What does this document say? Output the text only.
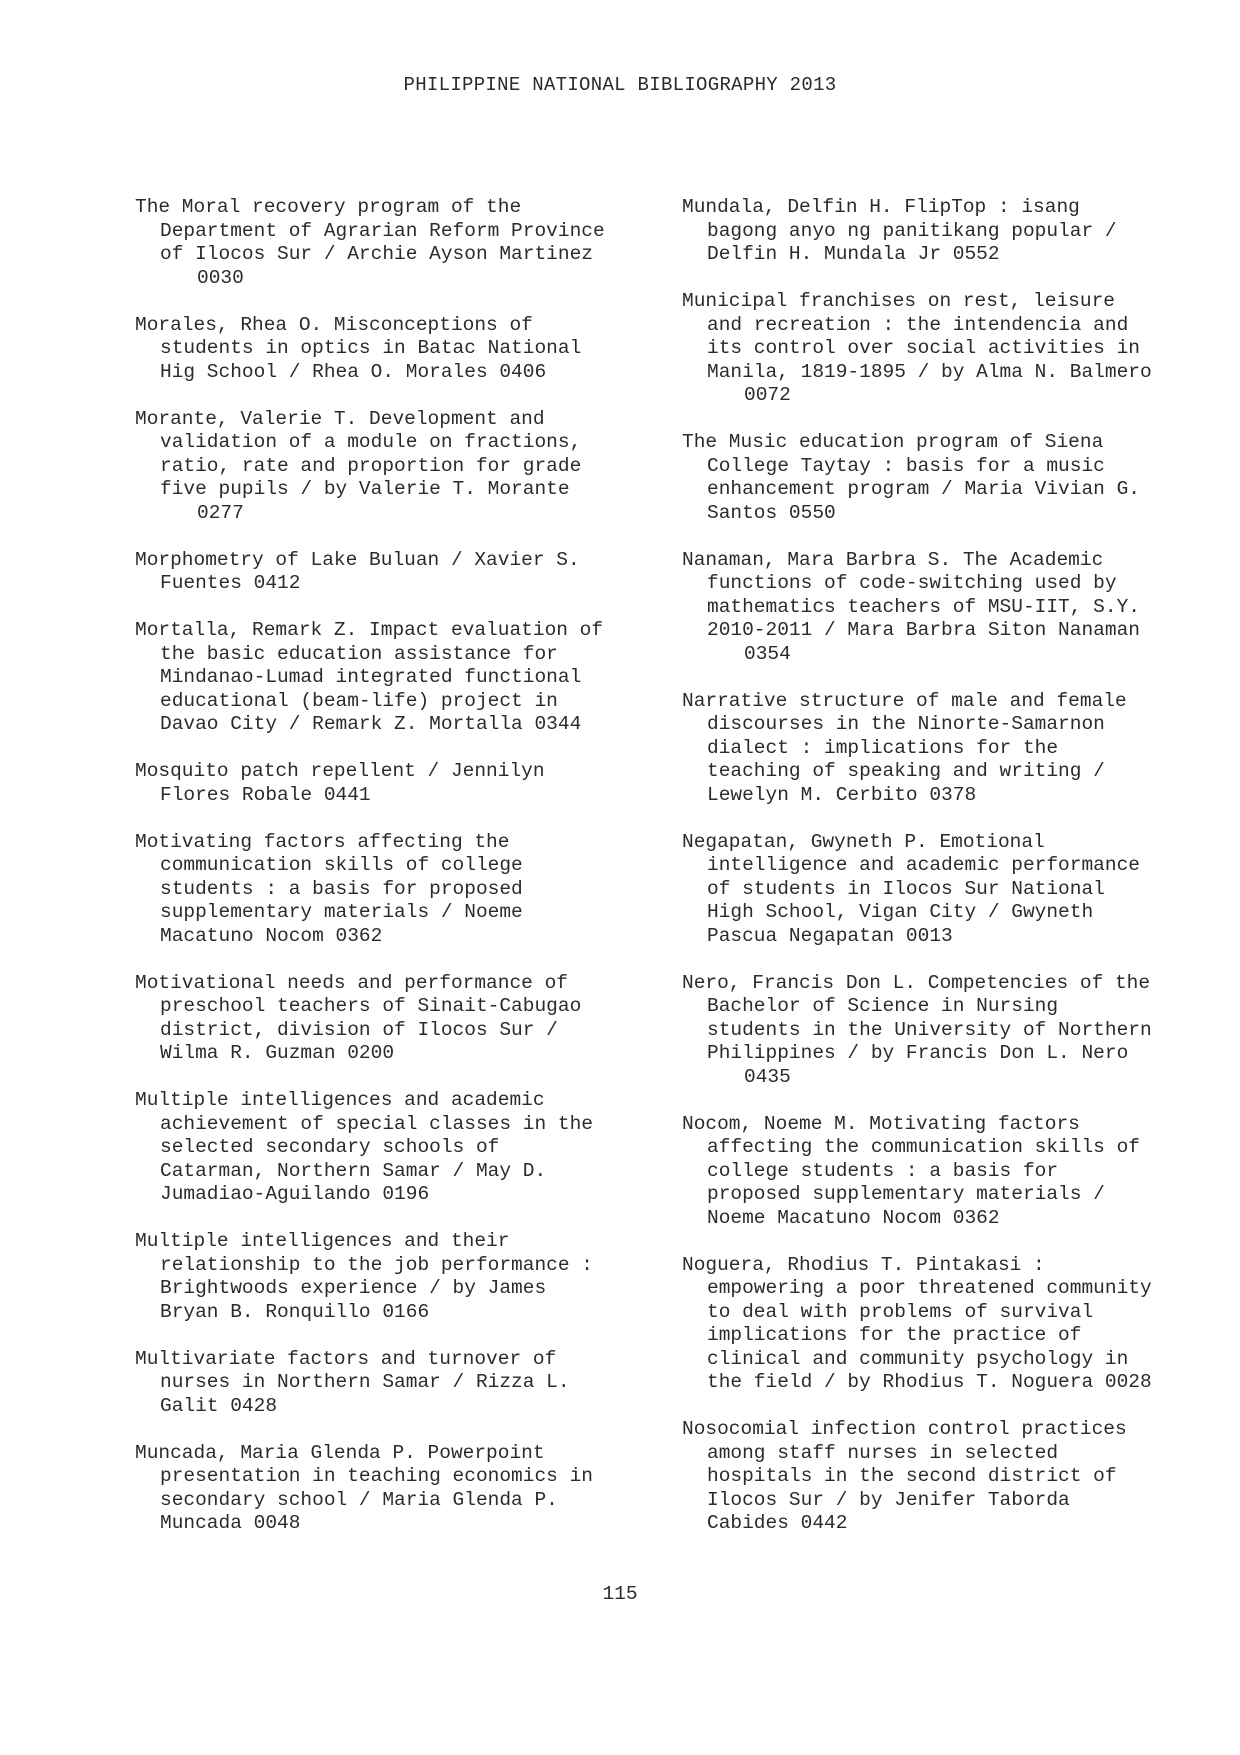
PHILIPPINE NATIONAL BIBLIOGRAPHY 2013
The Moral recovery program of the
Department of Agrarian Reform Province
of Ilocos Sur / Archie Ayson Martinez
0030
Morales, Rhea O. Misconceptions of
students in optics in Batac National
Hig School / Rhea O. Morales 0406
Morante, Valerie T. Development and
validation of a module on fractions,
ratio, rate and proportion for grade
five pupils / by Valerie T. Morante
0277
Morphometry of Lake Buluan / Xavier S.
Fuentes 0412
Mortalla, Remark Z. Impact evaluation of
the basic education assistance for
Mindanao-Lumad integrated functional
educational (beam-life) project in
Davao City / Remark Z. Mortalla 0344
Mosquito patch repellent / Jennilyn
Flores Robale 0441
Motivating factors affecting the
communication skills of college
students : a basis for proposed
supplementary materials / Noeme
Macatuno Nocom 0362
Motivational needs and performance of
preschool teachers of Sinait-Cabugao
district, division of Ilocos Sur /
Wilma R. Guzman 0200
Multiple intelligences and academic
achievement of special classes in the
selected secondary schools of
Catarman, Northern Samar / May D.
Jumadiao-Aguilando 0196
Multiple intelligences and their
relationship to the job performance :
Brightwoods experience / by James
Bryan B. Ronquillo 0166
Multivariate factors and turnover of
nurses in Northern Samar / Rizza L.
Galit 0428
Muncada, Maria Glenda P. Powerpoint
presentation in teaching economics in
secondary school / Maria Glenda P.
Muncada 0048
Mundala, Delfin H. FlipTop : isang
bagong anyo ng panitikang popular /
Delfin H. Mundala Jr 0552
Municipal franchises on rest, leisure
and recreation : the intendencia and
its control over social activities in
Manila, 1819-1895 / by Alma N. Balmero
0072
The Music education program of Siena
College Taytay : basis for a music
enhancement program / Maria Vivian G.
Santos 0550
Nanaman, Mara Barbra S. The Academic
functions of code-switching used by
mathematics teachers of MSU-IIT, S.Y.
2010-2011 / Mara Barbra Siton Nanaman
0354
Narrative structure of male and female
discourses in the Ninorte-Samarnon
dialect : implications for the
teaching of speaking and writing /
Lewelyn M. Cerbito 0378
Negapatan, Gwyneth P. Emotional
intelligence and academic performance
of students in Ilocos Sur National
High School, Vigan City / Gwyneth
Pascua Negapatan 0013
Nero, Francis Don L. Competencies of the
Bachelor of Science in Nursing
students in the University of Northern
Philippines / by Francis Don L. Nero
0435
Nocom, Noeme M. Motivating factors
affecting the communication skills of
college students : a basis for
proposed supplementary materials /
Noeme Macatuno Nocom 0362
Noguera, Rhodius T. Pintakasi :
empowering a poor threatened community
to deal with problems of survival
implications for the practice of
clinical and community psychology in
the field / by Rhodius T. Noguera 0028
Nosocomial infection control practices
among staff nurses in selected
hospitals in the second district of
Ilocos Sur / by Jenifer Taborda
Cabides 0442
115
